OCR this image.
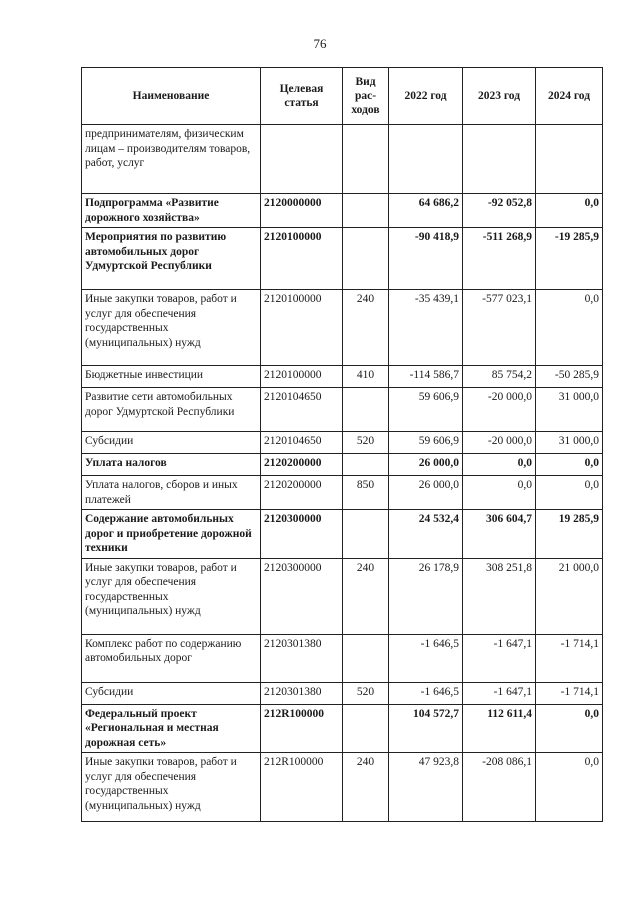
76
Наименование	Целевая статья	Вид рас-ходов	2022 год	2023 год	2024 год
предпринимателям, физическим лицам – производителям товаров, работ, услуг					
Подпрограмма «Развитие дорожного хозяйства»	2120000000		64 686,2	-92 052,8	0,0
Мероприятия по развитию автомобильных дорог Удмуртской Республики	2120100000		-90 418,9	-511 268,9	-19 285,9
Иные закупки товаров, работ и услуг для обеспечения государственных (муниципальных) нужд	2120100000	240	-35 439,1	-577 023,1	0,0
Бюджетные инвестиции	2120100000	410	-114 586,7	85 754,2	-50 285,9
Развитие сети автомобильных дорог Удмуртской Республики	2120104650		59 606,9	-20 000,0	31 000,0
Субсидии	2120104650	520	59 606,9	-20 000,0	31 000,0
Уплата налогов	2120200000		26 000,0	0,0	0,0
Уплата налогов, сборов и иных платежей	2120200000	850	26 000,0	0,0	0,0
Содержание автомобильных дорог и приобретение дорожной техники	2120300000		24 532,4	306 604,7	19 285,9
Иные закупки товаров, работ и услуг для обеспечения государственных (муниципальных) нужд	2120300000	240	26 178,9	308 251,8	21 000,0
Комплекс работ по содержанию автомобильных дорог	2120301380		-1 646,5	-1 647,1	-1 714,1
Субсидии	2120301380	520	-1 646,5	-1 647,1	-1 714,1
Федеральный проект «Региональная и местная дорожная сеть»	212R100000		104 572,7	112 611,4	0,0
Иные закупки товаров, работ и услуг для обеспечения государственных (муниципальных) нужд	212R100000	240	47 923,8	-208 086,1	0,0
